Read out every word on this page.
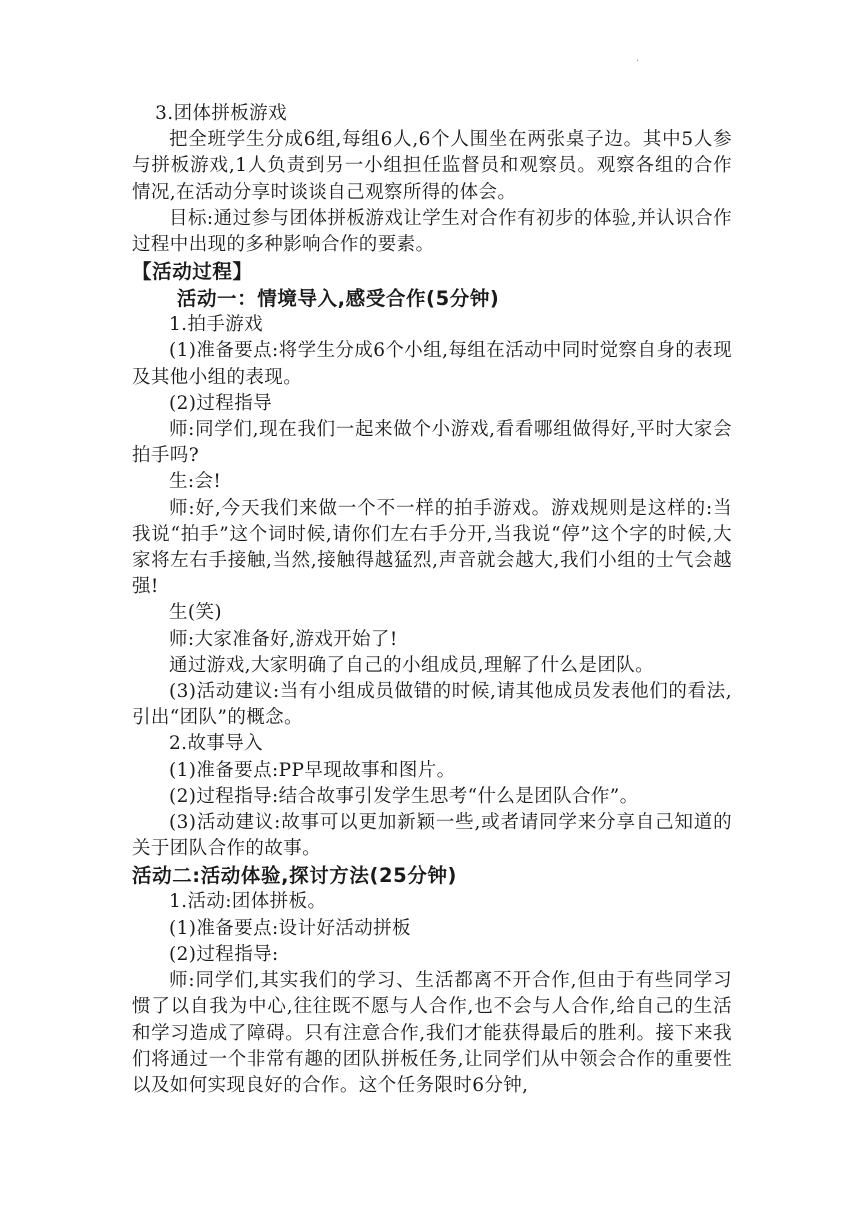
·
3.团体拼板游戏
把全班学生分成6组,每组6人,6个人围坐在两张桌子边。其中5人参与拼板游戏,1人负责到另一小组担任监督员和观察员。观察各组的合作情况,在活动分享时谈谈自己观察所得的体会。
目标:通过参与团体拼板游戏让学生对合作有初步的体验,并认识合作过程中出现的多种影响合作的要素。
【活动过程】
活动一：情境导入,感受合作(5分钟)
1.拍手游戏
(1)准备要点:将学生分成6个小组,每组在活动中同时觉察自身的表现及其他小组的表现。
(2)过程指导
师:同学们,现在我们一起来做个小游戏,看看哪组做得好,平时大家会拍手吗?
生:会!
师:好,今天我们来做一个不一样的拍手游戏。游戏规则是这样的:当我说“拍手”这个词时候,请你们左右手分开,当我说“停”这个字的时候,大家将左右手接触,当然,接触得越猛烈,声音就会越大,我们小组的士气会越强!
生(笑)
师:大家准备好,游戏开始了!
通过游戏,大家明确了自己的小组成员,理解了什么是团队。
(3)活动建议:当有小组成员做错的时候,请其他成员发表他们的看法,引出“团队”的概念。
2.故事导入
(1)准备要点:PP早现故事和图片。
(2)过程指导:结合故事引发学生思考“什么是团队合作”。
(3)活动建议:故事可以更加新颖一些,或者请同学来分享自己知道的关于团队合作的故事。
活动二:活动体验,探讨方法(25分钟)
1.活动:团体拼板。
(1)准备要点:设计好活动拼板
(2)过程指导:
师:同学们,其实我们的学习、生活都离不开合作,但由于有些同学习惯了以自我为中心,往往既不愿与人合作,也不会与人合作,给自己的生活和学习造成了障碍。只有注意合作,我们才能获得最后的胜利。接下来我们将通过一个非常有趣的团队拼板任务,让同学们从中领会合作的重要性以及如何实现良好的合作。这个任务限时6分钟,
